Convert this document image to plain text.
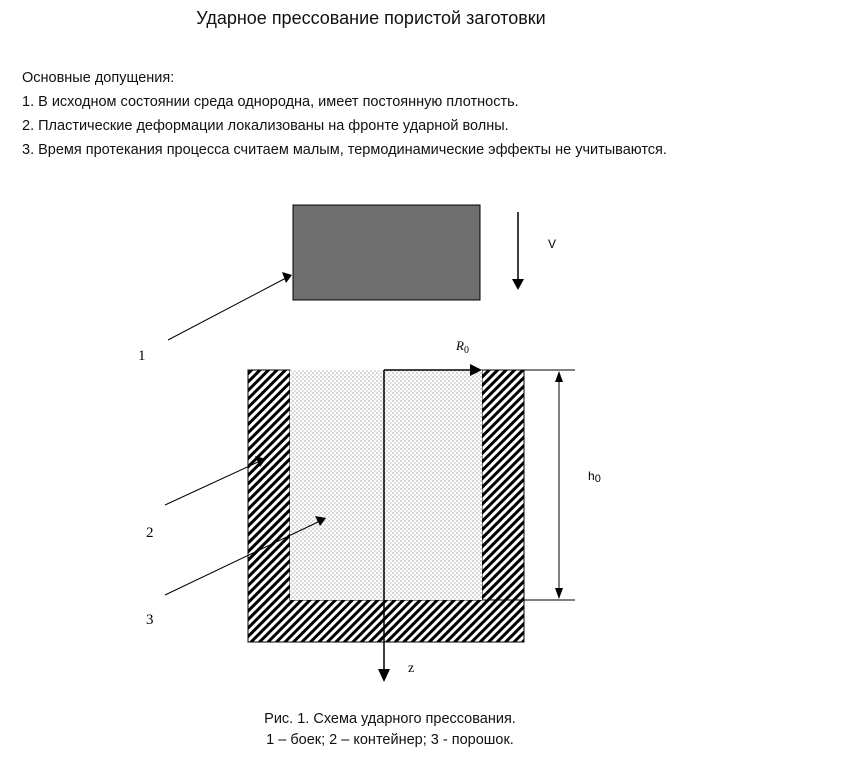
Ударное прессование пористой заготовки
Основные допущения:
1. В исходном состоянии среда однородна, имеет постоянную плотность.
2. Пластические деформации локализованы на фронте ударной волны.
3. Время протекания процесса считаем малым, термодинамические эффекты не учитываются.
V
z
$R_0$
h0
1
2
3
Рис. 1. Схема ударного прессования.
1 – боек; 2 – контейнер; 3 - порошок.
